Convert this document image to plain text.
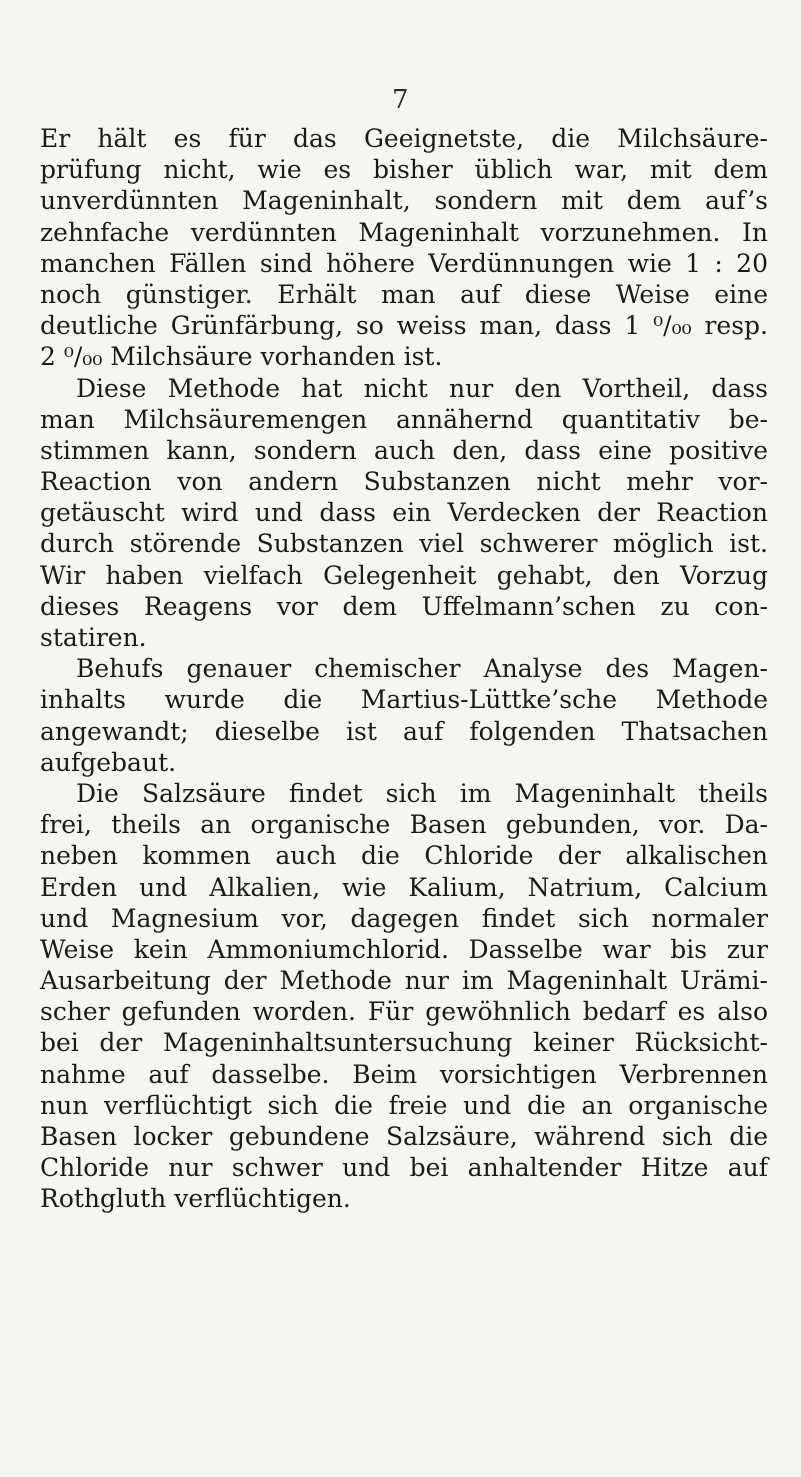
7
Er hält es für das Geeignetste, die Milchsäure-
prüfung nicht, wie es bisher üblich war, mit dem
unverdünnten Mageninhalt, sondern mit dem auf’s
zehnfache verdünnten Mageninhalt vorzunehmen. In
manchen Fällen sind höhere Verdünnungen wie 1 : 20
noch günstiger. Erhält man auf diese Weise eine
deutliche Grünfärbung, so weiss man, dass 1 ⁰/₀₀ resp.
2 ⁰/₀₀ Milchsäure vorhanden ist.
Diese Methode hat nicht nur den Vortheil, dass
man Milchsäuremengen annähernd quantitativ be-
stimmen kann, sondern auch den, dass eine positive
Reaction von andern Substanzen nicht mehr vor-
getäuscht wird und dass ein Verdecken der Reaction
durch störende Substanzen viel schwerer möglich ist.
Wir haben vielfach Gelegenheit gehabt, den Vorzug
dieses Reagens vor dem Uffelmann’schen zu con-
statiren.
Behufs genauer chemischer Analyse des Magen-
inhalts wurde die Martius-Lüttke’sche Methode
angewandt; dieselbe ist auf folgenden Thatsachen
aufgebaut.
Die Salzsäure findet sich im Mageninhalt theils
frei, theils an organische Basen gebunden, vor. Da-
neben kommen auch die Chloride der alkalischen
Erden und Alkalien, wie Kalium, Natrium, Calcium
und Magnesium vor, dagegen findet sich normaler
Weise kein Ammoniumchlorid. Dasselbe war bis zur
Ausarbeitung der Methode nur im Mageninhalt Urämi-
scher gefunden worden. Für gewöhnlich bedarf es also
bei der Mageninhaltsuntersuchung keiner Rücksicht-
nahme auf dasselbe. Beim vorsichtigen Verbrennen
nun verflüchtigt sich die freie und die an organische
Basen locker gebundene Salzsäure, während sich die
Chloride nur schwer und bei anhaltender Hitze auf
Rothgluth verflüchtigen.
